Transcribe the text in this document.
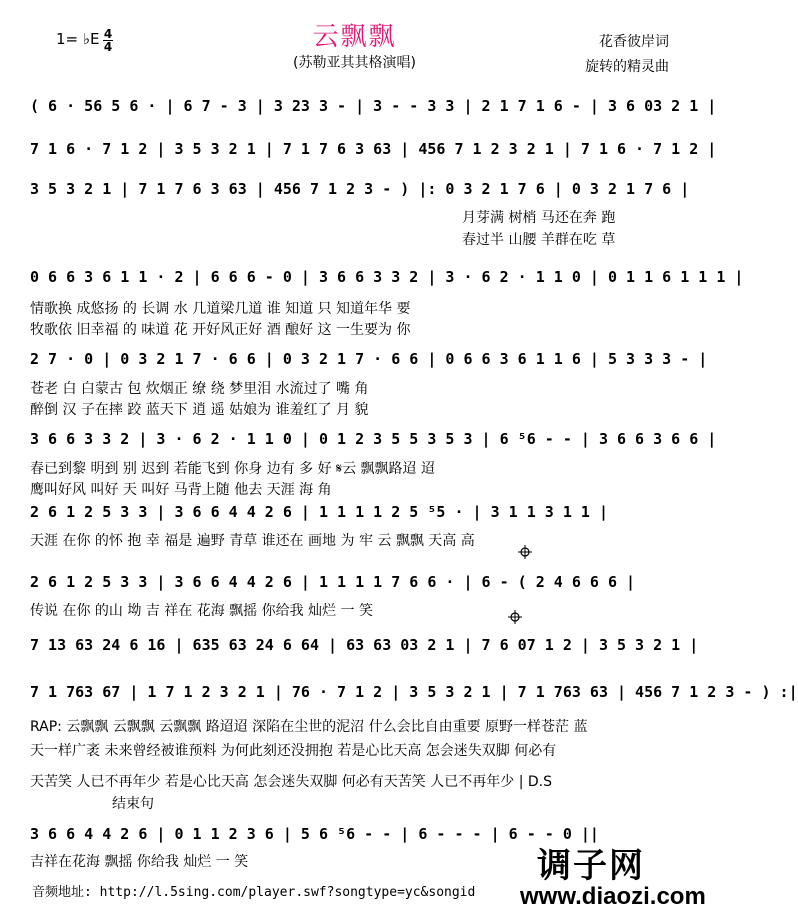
云飘飘
(苏勒亚其其格演唱)
1= ♭E 4
4	花香彼岸词
旋转的精灵曲
( 6 · 56 5 6 · | 6 7 - 3 | 3 23 3 - | 3 - - 3 3 | 2 1 7 1 6 - | 3 6 03 2 1 |
7 1 6 · 7 1 2 | 3 5 3 2 1 | 7 1 7 6 3 63 | 456 7 1 2 3 2 1 | 7 1 6 · 7 1 2 |
3 5 3 2 1 | 7 1 7 6 3 63 | 456 7 1 2 3 - ) |: 0 3 2 1 7 6 | 0 3 2 1 7 6 |
月芽满 树梢 马还在奔 跑
春过半 山腰 羊群在吃 草
0 6 6 3 6 1 1 · 2 | 6 6 6 - 0 | 3 6 6 3 3 2 | 3 · 6 2 · 1 1 0 | 0 1 1 6 1 1 1 |
情歌换 成悠扬 的 长调 水 几道梁几道 谁 知道 只 知道年华 要
牧歌依 旧幸福 的 味道 花 开好风正好 酒 酿好 这 一生要为 你
2 7 · 0 | 0 3 2 1 7 · 6 6 | 0 3 2 1 7 · 6 6 | 0 6 6 3 6 1 1 6 | 5 3 3 3 - |
苍老 白 白蒙古 包 炊烟正 缭 绕 梦里泪 水流过了 嘴 角
醉倒 汉 子在摔 跤 蓝天下 逍 遥 姑娘为 谁羞红了 月 貌
3 6 6 3 3 2 | 3 · 6 2 · 1 1 0 | 0 1 2 3 5 5 3 5 3 | 6 ⁵6 - - | 3 6 6 3 6 6 |
春已到黎 明到 别 迟到 若能飞到 你身 边有 多 好 𝄋云 飘飘路迢 迢
鹰叫好风 叫好 天 叫好 马背上随 他去 天涯 海 角
2 6 1 2 5 3 3 | 3 6 6 4 4 2 6 | 1 1 1 1 2 5 ⁵5 · | 3 1 1 3 1 1 |
天涯 在你 的怀 抱 幸 福是 遍野 青草 谁还在 画地 为 牢 云 飘飘 天高 高
2 6 1 2 5 3 3 | 3 6 6 4 4 2 6 | 1 1 1 1 7 6 6 · | 6 - ( 2 4 6 6 6 |
传说 在你 的山 坳 吉 祥在 花海 飘摇 你给我 灿烂 一 笑
7 13 63 24 6 16 | 635 63 24 6 64 | 63 63 03 2 1 | 7 6 07 1 2 | 3 5 3 2 1 |
7 1 763 67 | 1 7 1 2 3 2 1 | 76 · 7 1 2 | 3 5 3 2 1 | 7 1 763 63 | 456 7 1 2 3 - ) :|
RAP: 云飘飘 云飘飘 云飘飘 路迢迢 深陷在尘世的泥沼 什么会比自由重要 原野一样苍茫 蓝
天一样广袤 未来曾经被谁预料 为何此刻还没拥抱 若是心比天高 怎会迷失双脚 何必有
天苦笑 人已不再年少 若是心比天高 怎会迷失双脚 何必有天苦笑 人已不再年少 | D.S
结束句
3 6 6 4 4 2 6 | 0 1 1 2 3 6 | 5 6 ⁵6 - - | 6 - - - | 6 - - 0 ||
吉祥在花海 飘摇 你给我 灿烂 一 笑
音频地址: http://l.5sing.com/player.swf?songtype=yc&songid
调子网
www.diaozi.com
